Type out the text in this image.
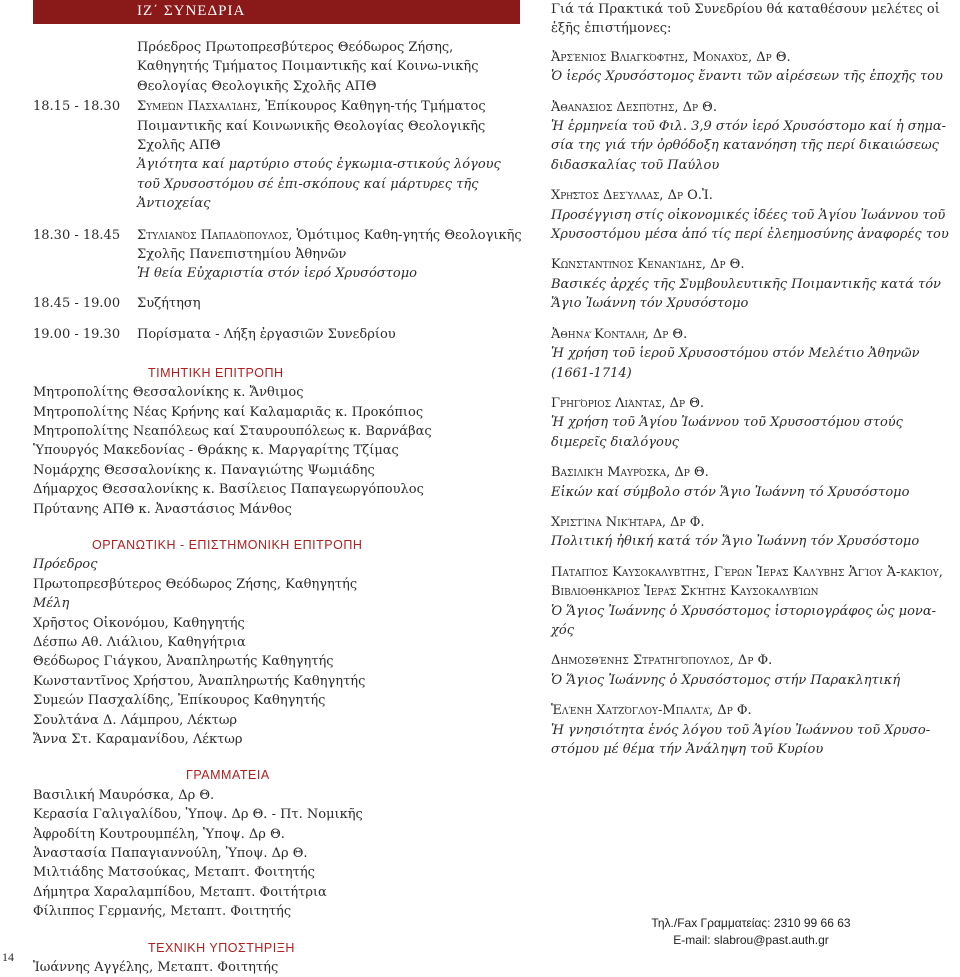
ΙΖ΄ ΣΥΝΕΔΡΙΑ

Πρόεδρος Πρωτοπρεσβύτερος Θεόδωρος Ζήσης, Καθηγητής Τμήματος Ποιμαντικῆς καί Κοινω-νικῆς Θεολογίας Θεολογικῆς Σχολῆς ΑΠΘ

18.15 - 18.30 Συμεών Πασχαλίδης, Ἐπίκουρος Καθηγη-τής Τμήματος Ποιμαντικῆς καί Κοινωνικῆς Θεολογίας Θεολογικῆς Σχολῆς ΑΠΘ

Ἁγιότητα καί μαρτύριο στούς ἐγκωμια-στικούς λόγους τοῦ Χρυσοστόμου σέ ἐπι-σκόπους καί μάρτυρες τῆς Ἀντιοχείας

18.30 - 18.45 Στυλιανός Παπαδόπουλος, Ὁμότιμος Καθη-γητής Θεολογικῆς Σχολῆς Πανεπιστημίου Ἀθηνῶν

Ἡ θεία Εὐχαριστία στόν ἱερό Χρυσόστομο

18.45 - 19.00 Συζήτηση

19.00 - 19.30 Πορίσματα - Λήξη ἐργασιῶν Συνεδρίου

ΤΙΜΗΤΙΚΗ ΕΠΙΤΡΟΠΗ

Μητροπολίτης Θεσσαλονίκης κ. Ἄνθιμος

Μητροπολίτης Νέας Κρήνης καί Καλαμαριᾶς κ. Προκόπιος

Μητροπολίτης Νεαπόλεως καί Σταυρουπόλεως κ. Βαρνάβας

Ὑπουργός Μακεδονίας - Θράκης κ. Μαργαρίτης Τζίμας

Νομάρχης Θεσσαλονίκης κ. Παναγιώτης Ψωμιάδης

Δήμαρχος Θεσσαλονίκης κ. Βασίλειος Παπαγεωργόπουλος

Πρύτανης ΑΠΘ κ. Ἀναστάσιος Μάνθος

ΟΡΓΑΝΩΤΙΚΗ - ΕΠΙΣΤΗΜΟΝΙΚΗ ΕΠΙΤΡΟΠΗ

Πρόεδρος

Πρωτοπρεσβύτερος Θεόδωρος Ζήσης, Καθηγητής

Μέλη

Χρῆστος Οἰκονόμου, Καθηγητής

Δέσπω Αθ. Λιάλιου, Καθηγήτρια

Θεόδωρος Γιάγκου, Ἀναπληρωτής Καθηγητής

Κωνσταντῖνος Χρήστου, Ἀναπληρωτής Καθηγητής

Συμεών Πασχαλίδης, Ἐπίκουρος Καθηγητής

Σουλτάνα Δ. Λάμπρου, Λέκτωρ

Ἄννα Στ. Καραμανίδου, Λέκτωρ

ΓΡΑΜΜΑΤΕΙΑ

Βασιλική Μαυρόσκα, Δρ Θ.

Κερασία Γαλιγαλίδου, Ὑποψ. Δρ Θ. - Πτ. Νομικῆς

Ἀφροδίτη Κουτρουμπέλη, Ὑποψ. Δρ Θ.

Ἀναστασία Παπαγιαννούλη, Ὑποψ. Δρ Θ.

Μιλτιάδης Ματσούκας, Μεταπτ. Φοιτητής

Δήμητρα Χαραλαμπίδου, Μεταπτ. Φοιτήτρια

Φίλιππος Γερμανής, Μεταπτ. Φοιτητής

ΤΕΧΝΙΚΗ ΥΠΟΣΤΗΡΙΞΗ

Ἰωάννης Αγγέλης, Μεταπτ. Φοιτητής

Γιά τά Πρακτικά τοῦ Συνεδρίου θά καταθέσουν μελέτες οἱ ἑξῆς ἐπιστήμονες:

Ἀρσένιος Βλιαγκόφτης, Μοναχός, Δρ Θ.

Ὁ ἱερός Χρυσόστομος ἔναντι τῶν αἱρέσεων τῆς ἐποχῆς του

Ἀθανάσιος Δεσπότης, Δρ Θ.

Ἡ ἑρμηνεία τοῦ Φιλ. 3,9 στόν ἱερό Χρυσόστομο καί ἡ σημα-σία της γιά τήν ὀρθόδοξη κατανόηση τῆς περί δικαιώσεως διδασκαλίας τοῦ Παύλου

Χρῆστος Δεσύλλας, Δρ Ο.Ἰ.

Προσέγγιση στίς οἰκονομικές ἰδέες τοῦ Ἁγίου Ἰωάννου τοῦ Χρυσοστόμου μέσα ἀπό τίς περί ἐλεημοσύνης ἀναφορές του

Κωνσταντῖνος Κενανίδης, Δρ Θ.

Βασικές ἀρχές τῆς Συμβουλευτικῆς Ποιμαντικῆς κατά τόν Ἅγιο Ἰωάννη τόν Χρυσόστομο

Ἀθηνᾶ Κονταλῆ, Δρ Θ.

Ἡ χρήση τοῦ ἱεροῦ Χρυσοστόμου στόν Μελέτιο Ἀθηνῶν (1661-1714)

Γρηγόριος Λιάντας, Δρ Θ.

Ἡ χρήση τοῦ Ἁγίου Ἰωάννου τοῦ Χρυσοστόμου στούς διμερεῖς διαλόγους

Βασιλική Μαυρόσκα, Δρ Θ.

Εἰκών καί σύμβολο στόν Ἅγιο Ἰωάννη τό Χρυσόστομο

Χριστίνα Νικήταρα, Δρ Φ.

Πολιτική ἠθική κατά τόν Ἅγιο Ἰωάννη τόν Χρυσόστομο

Παταπίος Καυσοκαλυβίτης, Γέρων Ἱερᾶς Καλύβης Ἁγίου Ἀ-κακίου, Βιβλιοθηκάριος Ἱερᾶς Σκήτης Καυσοκαλυβίων

Ὁ Ἅγιος Ἰωάννης ὁ Χρυσόστομος ἱστοριογράφος ὡς μονα-χός

Δημοσθένης Στρατηγόπουλος, Δρ Φ.

Ὁ Ἅγιος Ἰωάννης ὁ Χρυσόστομος στήν Παρακλητική

Ἑλένη Χατζόγλου-Μπαλτᾶ, Δρ Φ.

Ἡ γνησιότητα ἑνός λόγου τοῦ Ἁγίου Ἰωάννου τοῦ Χρυσο-στόμου μέ θέμα τήν Ἀνάληψη τοῦ Κυρίου

Τηλ./Fax Γραμματείας: 2310 99 66 63
E-mail: slabrou@past.auth.gr
14
